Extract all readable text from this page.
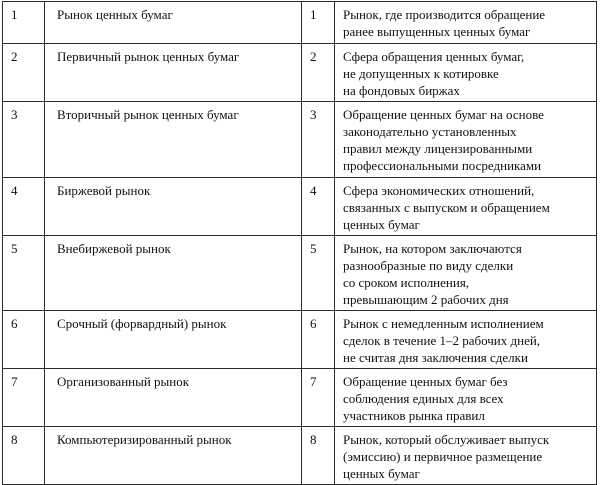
1	Рынок ценных бумаг	1	Рынок, где производится обращение
ранее выпущенных ценных бумаг

2	Первичный рынок ценных бумаг	2	Сфера обращения ценных бумаг,
не допущенных к котировке
на фондовых биржах

3	Вторичный рынок ценных бумаг	3	Обращение ценных бумаг на основе
законодательно установленных
правил между лицензированными
профессиональными посредниками

4	Биржевой рынок	4	Сфера экономических отношений,
связанных с выпуском и обращением
ценных бумаг

5	Внебиржевой рынок	5	Рынок, на котором заключаются
разнообразные по виду сделки
со сроком исполнения,
превышающим 2 рабочих дня

6	Срочный (форвардный) рынок	6	Рынок с немедленным исполнением
сделок в течение 1–2 рабочих дней,
не считая дня заключения сделки

7	Организованный рынок	7	Обращение ценных бумаг без
соблюдения единых для всех
участников рынка правил

8	Компьютеризированный рынок	8	Рынок, который обслуживает выпуск
(эмиссию) и первичное размещение
ценных бумаг
